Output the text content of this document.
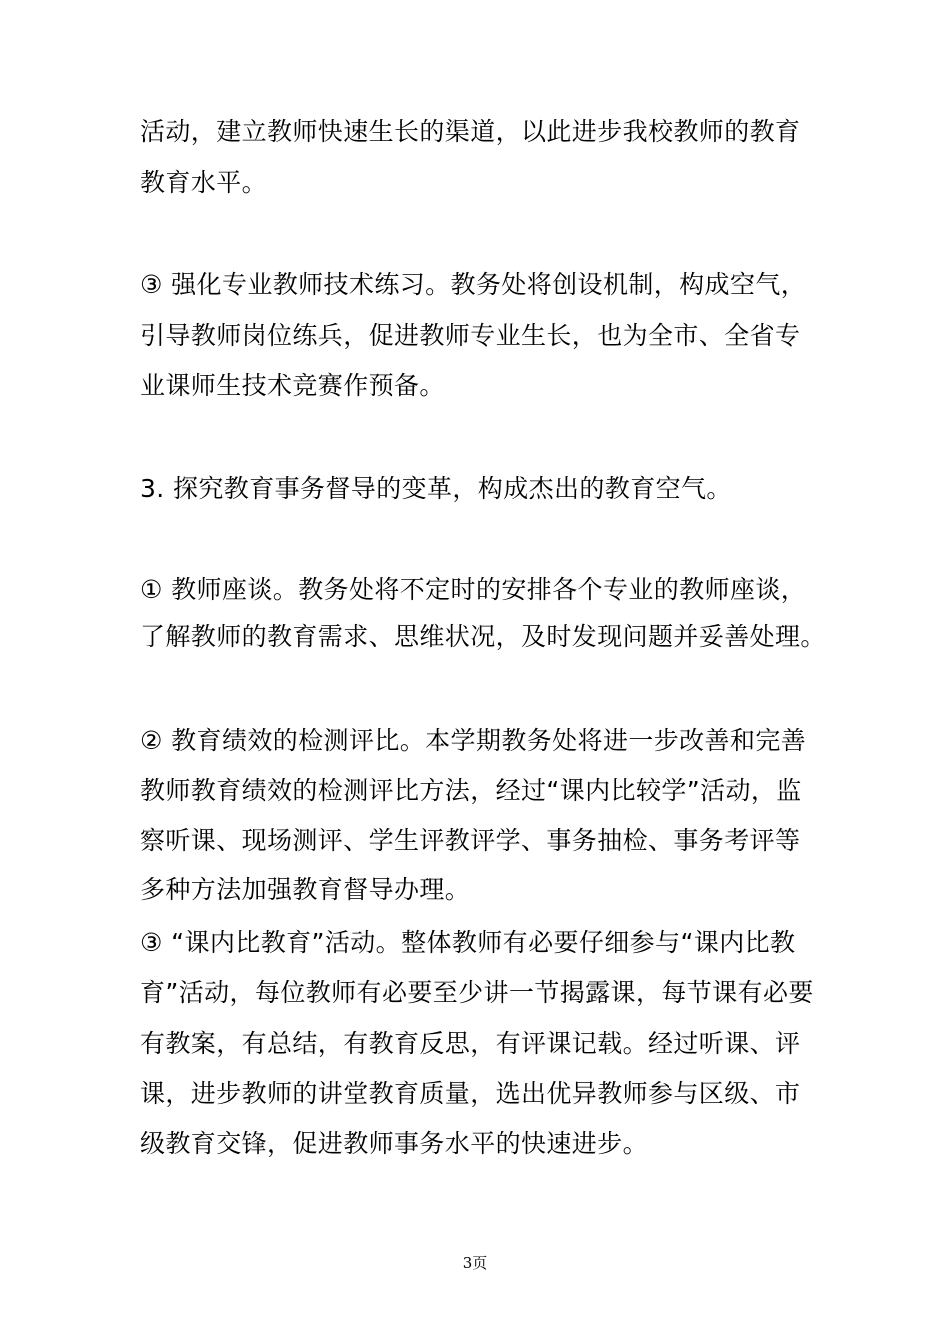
活动，建立教师快速生长的渠道，以此进步我校教师的教育
教育水平。
③ 强化专业教师技术练习。教务处将创设机制，构成空气，
引导教师岗位练兵，促进教师专业生长，也为全市、全省专
业课师生技术竞赛作预备。
3. 探究教育事务督导的变革，构成杰出的教育空气。
① 教师座谈。教务处将不定时的安排各个专业的教师座谈，
了解教师的教育需求、思维状况，及时发现问题并妥善处理。
② 教育绩效的检测评比。本学期教务处将进一步改善和完善
教师教育绩效的检测评比方法，经过“课内比较学”活动，监
察听课、现场测评、学生评教评学、事务抽检、事务考评等
多种方法加强教育督导办理。
③ “课内比教育”活动。整体教师有必要仔细参与“课内比教
育”活动，每位教师有必要至少讲一节揭露课，每节课有必要
有教案，有总结，有教育反思，有评课记载。经过听课、评
课，进步教师的讲堂教育质量，选出优异教师参与区级、市
级教育交锋，促进教师事务水平的快速进步。
3页
